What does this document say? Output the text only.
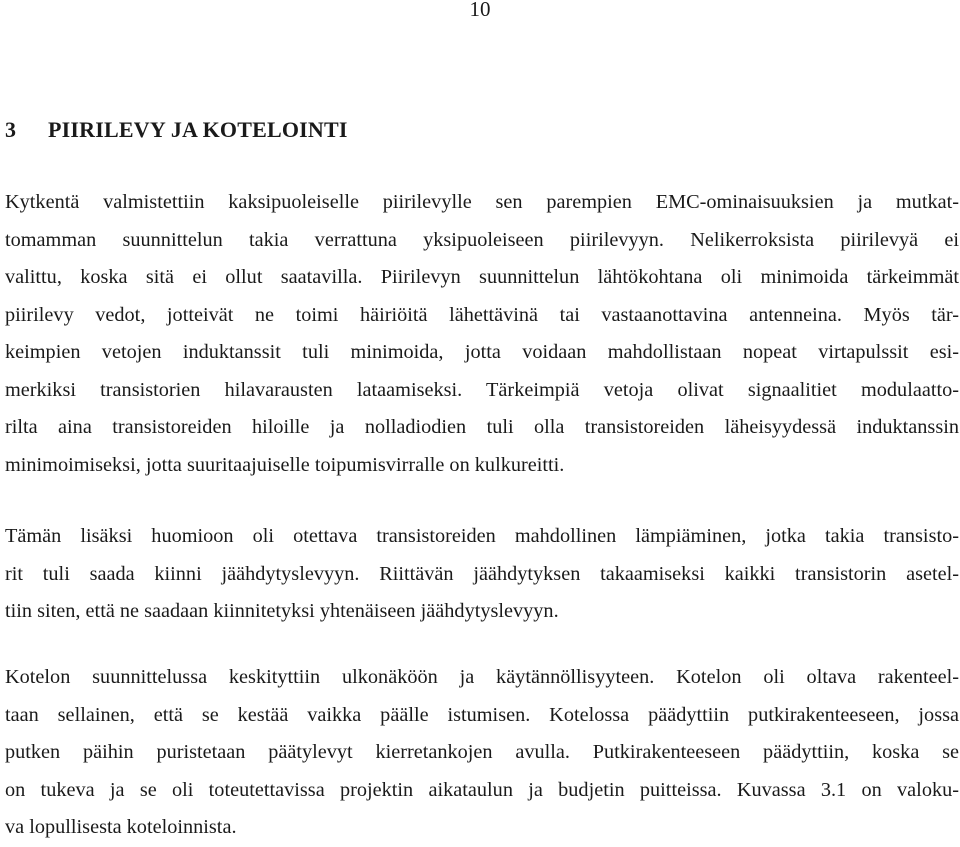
10
3 PIIRILEVY JA KOTELOINTI
Kytkentä valmistettiin kaksipuoleiselle piirilevylle sen parempien EMC-ominaisuuksien ja mutkat-
tomamman suunnittelun takia verrattuna yksipuoleiseen piirilevyyn. Nelikerroksista piirilevyä ei
valittu, koska sitä ei ollut saatavilla. Piirilevyn suunnittelun lähtökohtana oli minimoida tärkeimmät
piirilevy vedot, jotteivät ne toimi häiriöitä lähettävinä tai vastaanottavina antenneina. Myös tär-
keimpien vetojen induktanssit tuli minimoida, jotta voidaan mahdollistaan nopeat virtapulssit esi-
merkiksi transistorien hilavarausten lataamiseksi. Tärkeimpiä vetoja olivat signaalitiet modulaatto-
rilta aina transistoreiden hiloille ja nolladiodien tuli olla transistoreiden läheisyydessä induktanssin
minimoimiseksi, jotta suuritaajuiselle toipumisvirralle on kulkureitti.
Tämän lisäksi huomioon oli otettava transistoreiden mahdollinen lämpiäminen, jotka takia transisto-
rit tuli saada kiinni jäähdytyslevyyn. Riittävän jäähdytyksen takaamiseksi kaikki transistorin asetel-
tiin siten, että ne saadaan kiinnitetyksi yhtenäiseen jäähdytyslevyyn.
Kotelon suunnittelussa keskityttiin ulkonäköön ja käytännöllisyyteen. Kotelon oli oltava rakenteel-
taan sellainen, että se kestää vaikka päälle istumisen. Kotelossa päädyttiin putkirakenteeseen, jossa
putken päihin puristetaan päätylevyt kierretankojen avulla. Putkirakenteeseen päädyttiin, koska se
on tukeva ja se oli toteutettavissa projektin aikataulun ja budjetin puitteissa. Kuvassa 3.1 on valoku-
va lopullisesta koteloinnista.
